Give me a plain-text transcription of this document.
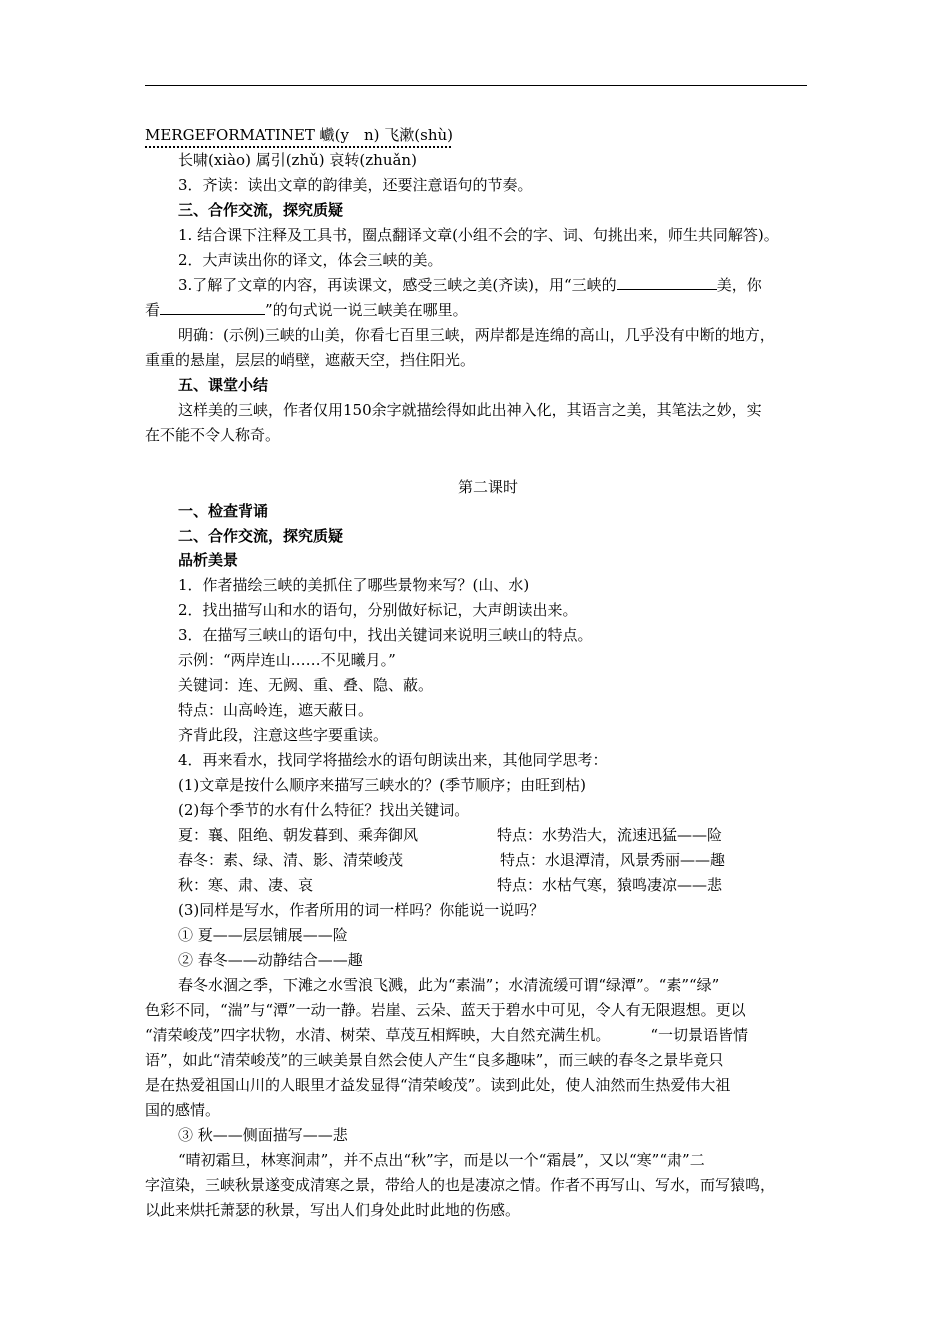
MERGEFORMATINET 巇(y　n) 飞漱(shù)
长啸(xiào) 属引(zhǔ) 哀转(zhuǎn)
3．齐读：读出文章的韵律美，还要注意语句的节奏。
三、合作交流，探究质疑
1. 结合课下注释及工具书，圈点翻译文章(小组不会的字、词、句挑出来，师生共同解答)。
2．大声读出你的译文，体会三峡的美。
3.了解了文章的内容，再读课文，感受三峡之美(齐读)，用“三峡的	美，你
看	”的句式说一说三峡美在哪里。
明确：(示例)三峡的山美，你看七百里三峡，两岸都是连绵的高山，几乎没有中断的地方，
重重的悬崖，层层的峭壁，遮蔽天空，挡住阳光。
五、课堂小结
这样美的三峡，作者仅用150余字就描绘得如此出神入化，其语言之美，其笔法之妙，实
在不能不令人称奇。
第二课时
一、检查背诵
二、合作交流，探究质疑
品析美景
1．作者描绘三峡的美抓住了哪些景物来写？(山、水)
2．找出描写山和水的语句，分别做好标记，大声朗读出来。
3．在描写三峡山的语句中，找出关键词来说明三峡山的特点。
示例：“两岸连山……不见曦月。”
关键词：连、无阙、重、叠、隐、蔽。
特点：山高岭连，遮天蔽日。
齐背此段，注意这些字要重读。
4．再来看水，找同学将描绘水的语句朗读出来，其他同学思考：
(1)文章是按什么顺序来描写三峡水的？(季节顺序；由旺到枯)
(2)每个季节的水有什么特征？找出关键词。
夏：襄、阻绝、朝发暮到、乘奔御风	特点：水势浩大，流速迅猛——险
春冬：素、绿、清、影、清荣峻茂	特点：水退潭清，风景秀丽——趣
秋：寒、肃、凄、哀	特点：水枯气寒，猿鸣凄凉——悲
(3)同样是写水，作者所用的词一样吗？你能说一说吗？
① 夏——层层铺展——险
② 春冬——动静结合——趣
春冬水涸之季，下滩之水雪浪飞溅，此为“素湍”；水清流缓可谓“绿潭”。“素”“绿”
色彩不同，“湍”与“潭”一动一静。岩崖、云朵、蓝天于碧水中可见，令人有无限遐想。更以
“清荣峻茂”四字状物，水清、树荣、草茂互相辉映，大自然充满生机。	“一切景语皆情
语”，如此“清荣峻茂”的三峡美景自然会使人产生“良多趣味”，而三峡的春冬之景毕竟只
是在热爱祖国山川的人眼里才益发显得“清荣峻茂”。读到此处，使人油然而生热爱伟大祖
国的感情。
③ 秋——侧面描写——悲
“晴初霜旦，林寒涧肃”，并不点出“秋”字，而是以一个“霜晨”，又以“寒”“肃”二
字渲染，三峡秋景遂变成清寒之景，带给人的也是凄凉之情。作者不再写山、写水，而写猿鸣，
以此来烘托萧瑟的秋景，写出人们身处此时此地的伤感。
